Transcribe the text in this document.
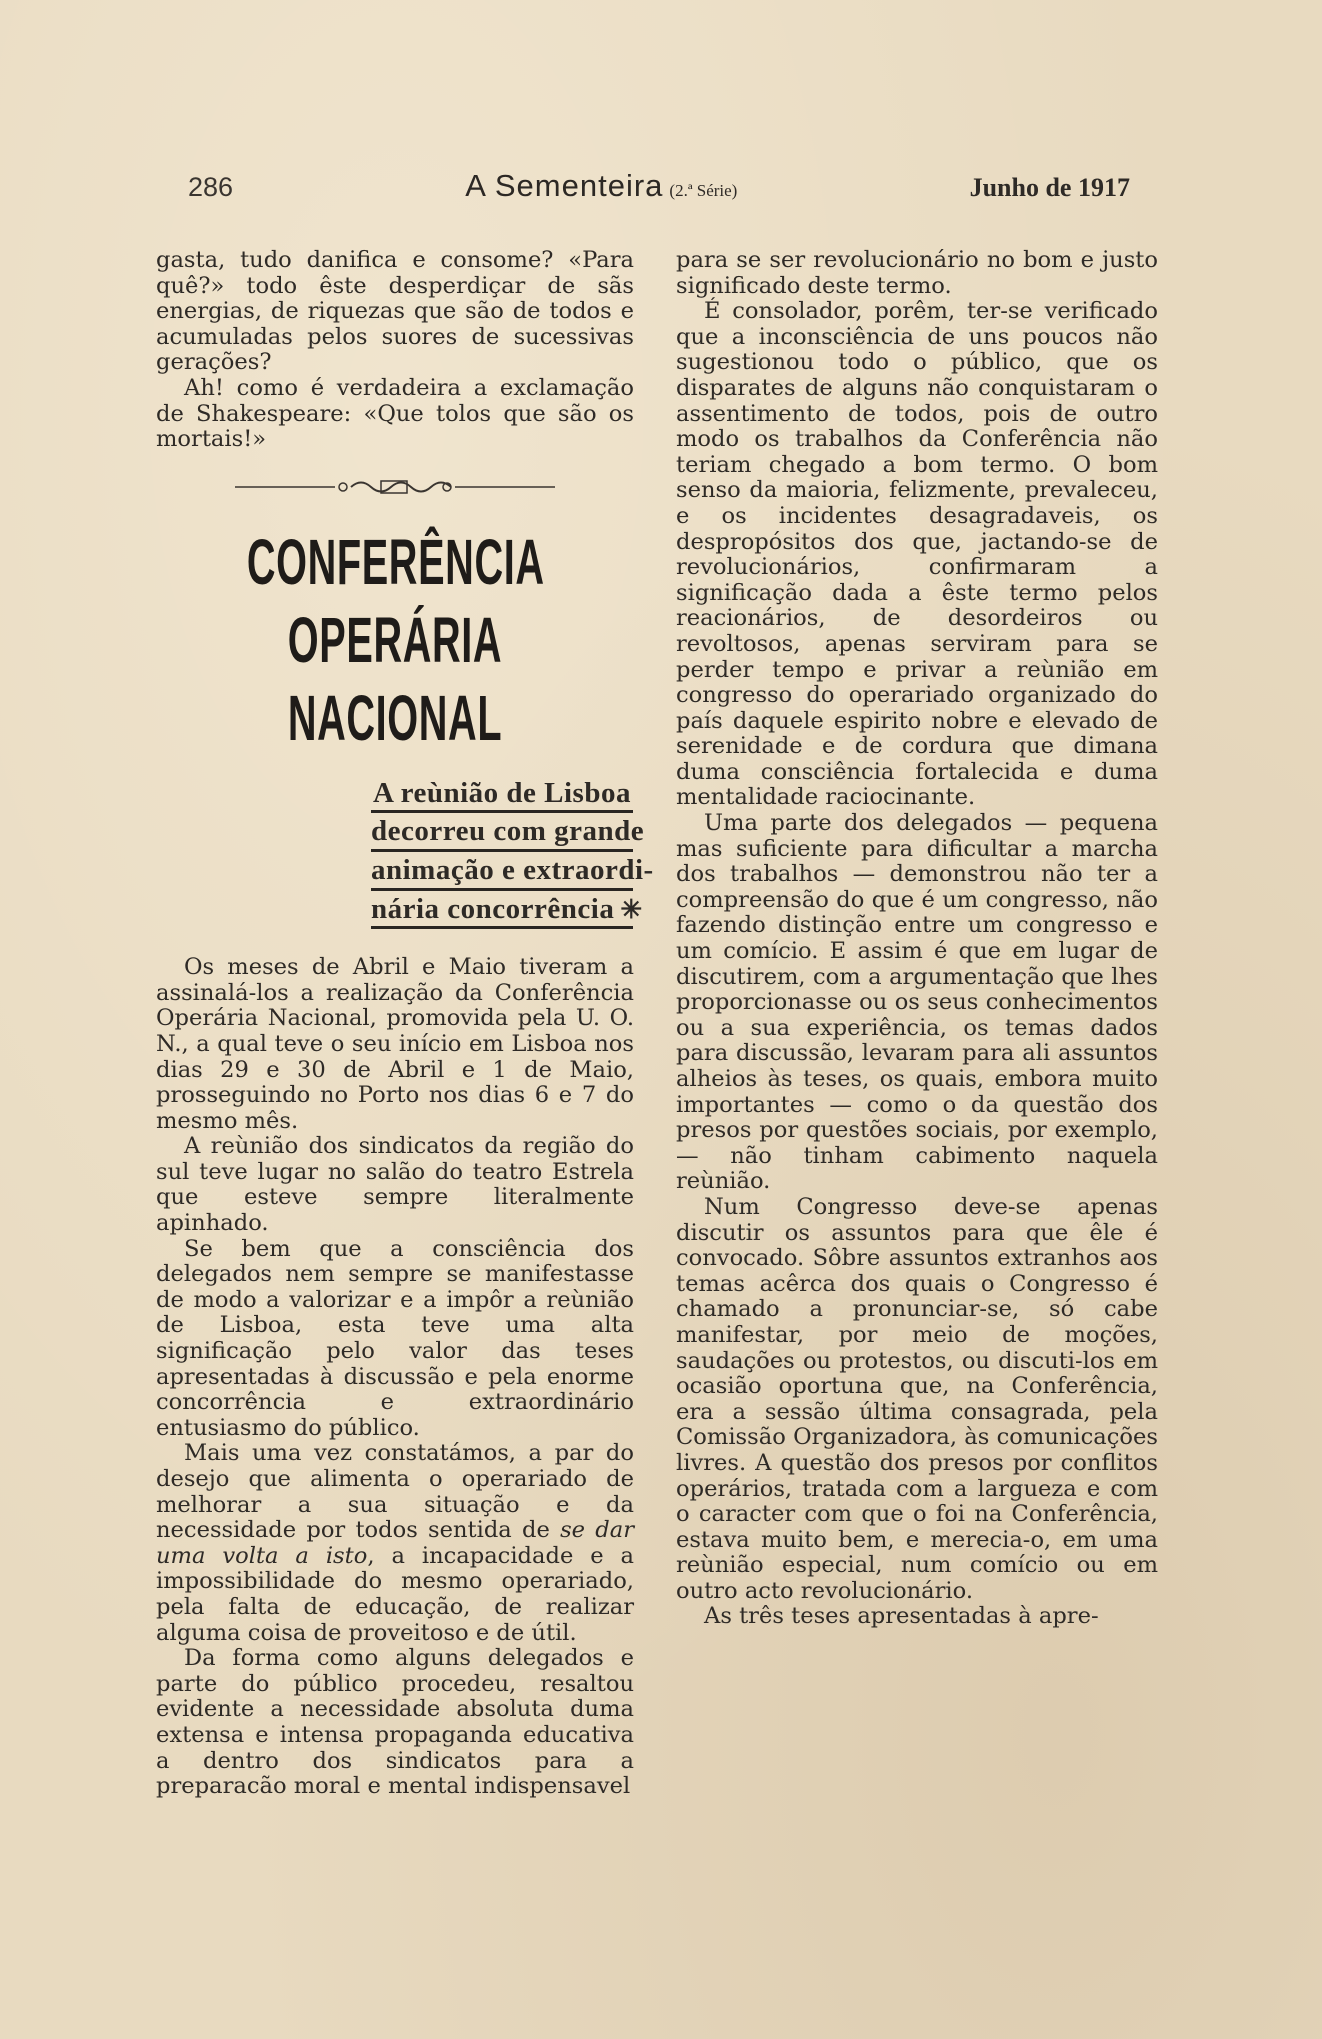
286	A Sementeira (2.ª Série)	Junho de 1917

gasta, tudo danifica e consome? «Para quê?» todo êste desperdiçar de sãs energias, de riquezas que são de todos e acumuladas pelos suores de sucessivas gerações?

Ah! como é verdadeira a exclamação de Shakespeare: «Que tolos que são os mortais!»

CONFERÊNCIA OPERÁRIA
NACIONAL
A reùnião de Lisboa
decorreu com grande
animação e extraordi-
nária concorrência ✳

Os meses de Abril e Maio tiveram a assinalá-los a realização da Conferência Operária Nacional, promovida pela U. O. N., a qual teve o seu início em Lisboa nos dias 29 e 30 de Abril e 1 de Maio, prosseguindo no Porto nos dias 6 e 7 do mesmo mês.

A reùnião dos sindicatos da região do sul teve lugar no salão do teatro Estrela que esteve sempre literalmente apinhado.

Se bem que a consciência dos delegados nem sempre se manifestasse de modo a valorizar e a impôr a reùnião de Lisboa, esta teve uma alta significação pelo valor das teses apresentadas à discussão e pela enorme concorrência e extraordinário entusiasmo do público.

Mais uma vez constatámos, a par do desejo que alimenta o operariado de melhorar a sua situação e da necessidade por todos sentida de se dar uma volta a isto, a incapacidade e a impossibilidade do mesmo operariado, pela falta de educação, de realizar alguma coisa de proveitoso e de útil.

Da forma como alguns delegados e parte do público procedeu, resaltou evidente a necessidade absoluta duma extensa e intensa propaganda educativa a dentro dos sindicatos para a preparacão moral e mental indispensavel

para se ser revolucionário no bom e justo significado deste termo.

É consolador, porêm, ter-se verificado que a inconsciência de uns poucos não sugestionou todo o público, que os disparates de alguns não conquistaram o assentimento de todos, pois de outro modo os trabalhos da Conferência não teriam chegado a bom termo. O bom senso da maioria, felizmente, prevaleceu, e os incidentes desagradaveis, os despropósitos dos que, jactando-se de revolucionários, confirmaram a significação dada a êste termo pelos reacionários, de desordeiros ou revoltosos, apenas serviram para se perder tempo e privar a reùnião em congresso do operariado organizado do país daquele espirito nobre e elevado de serenidade e de cordura que dimana duma consciência fortalecida e duma mentalidade raciocinante.

Uma parte dos delegados — pequena mas suficiente para dificultar a marcha dos trabalhos — demonstrou não ter a compreensão do que é um congresso, não fazendo distinção entre um congresso e um comício. E assim é que em lugar de discutirem, com a argumentação que lhes proporcionasse ou os seus conhecimentos ou a sua experiência, os temas dados para discussão, levaram para ali assuntos alheios às teses, os quais, embora muito importantes — como o da questão dos presos por questões sociais, por exemplo, — não tinham cabimento naquela reùnião.

Num Congresso deve-se apenas discutir os assuntos para que êle é convocado. Sôbre assuntos extranhos aos temas acêrca dos quais o Congresso é chamado a pronunciar-se, só cabe manifestar, por meio de moções, saudações ou protestos, ou discuti-los em ocasião oportuna que, na Conferência, era a sessão última consagrada, pela Comissão Organizadora, às comunicações livres. A questão dos presos por conflitos operários, tratada com a largueza e com o caracter com que o foi na Conferência, estava muito bem, e merecia-o, em uma reùnião especial, num comício ou em outro acto revolucionário.

As três teses apresentadas à apre-
